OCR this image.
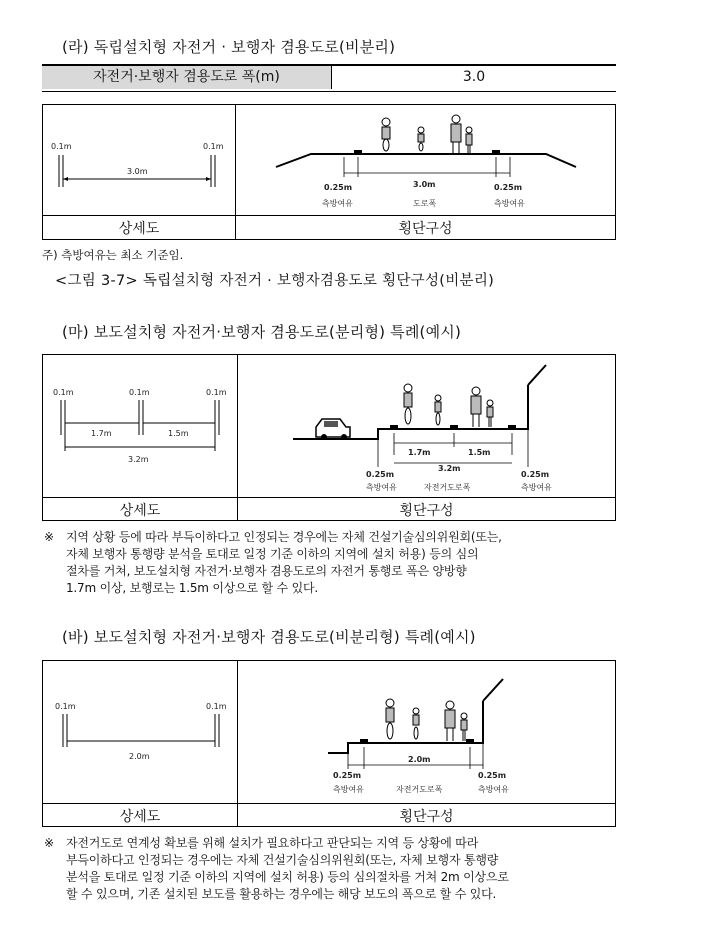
(라) 독립설치형 자전거 · 보행자 겸용도로(비분리)
자전거·보행자 겸용도로 폭(m)	3.0
상세도	횡단구성
0.1m	0.1m
3.0m
0.25m	3.0m	0.25m
측방여유	도로폭	측방여유
주) 측방여유는 최소 기준임.
<그림 3-7> 독립설치형 자전거 · 보행자겸용도로 횡단구성(비분리)
(마) 보도설치형 자전거·보행자 겸용도로(분리형) 특례(예시)
상세도	횡단구성
0.1m	0.1m	0.1m
1.7m	1.5m
3.2m
1.7m	1.5m
3.2m
0.25m	0.25m
측방여유	자전거도로폭	측방여유
※ 지역 상황 등에 따라 부득이하다고 인정되는 경우에는 자체 건설기술심의위원회(또는,
자체 보행자 통행량 분석을 토대로 일정 기준 이하의 지역에 설치 허용) 등의 심의
절차를 거쳐, 보도설치형 자전거·보행자 겸용도로의 자전거 통행로 폭은 양방향
1.7m 이상, 보행로는 1.5m 이상으로 할 수 있다.
(바) 보도설치형 자전거·보행자 겸용도로(비분리형) 특례(예시)
상세도	횡단구성
0.1m	0.1m
2.0m	2.0m
0.25m	0.25m
측방여유	자전거도로폭	측방여유
※ 자전거도로 연계성 확보를 위해 설치가 필요하다고 판단되는 지역 등 상황에 따라
부득이하다고 인정되는 경우에는 자체 건설기술심의위원회(또는, 자체 보행자 통행량
분석을 토대로 일정 기준 이하의 지역에 설치 허용) 등의 심의절차를 거쳐 2m 이상으로
할 수 있으며, 기존 설치된 보도를 활용하는 경우에는 해당 보도의 폭으로 할 수 있다.
